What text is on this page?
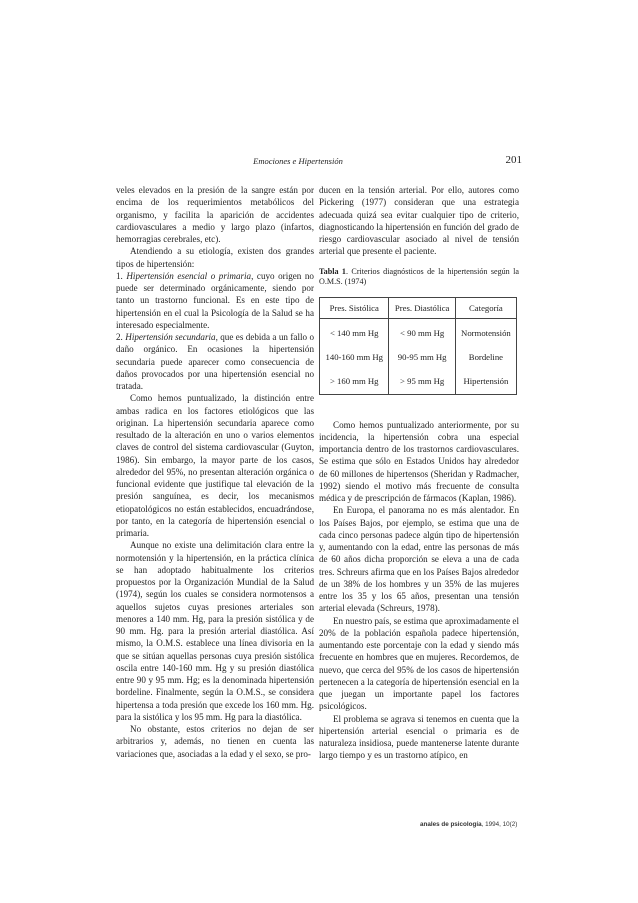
Emociones e Hipertensión	201

veles elevados en la presión de la sangre están por encima de los requerimientos metabólicos del organismo, y facilita la aparición de accidentes cardiovasculares a medio y largo plazo (infartos, hemorragias cerebrales, etc).

Atendiendo a su etiología, existen dos grandes tipos de hipertensión:

1. Hipertensión esencial o primaria, cuyo origen no puede ser determinado orgánicamente, siendo por tanto un trastorno funcional. Es en este tipo de hipertensión en el cual la Psicología de la Salud se ha interesado especialmente.

2. Hipertensión secundaria, que es debida a un fallo o daño orgánico. En ocasiones la hipertensión secundaria puede aparecer como consecuencia de daños provocados por una hipertensión esencial no tratada.

Como hemos puntualizado, la distinción entre ambas radica en los factores etiológicos que las originan. La hipertensión secundaria aparece como resultado de la alteración en uno o varios elementos claves de control del sistema cardiovascular (Guyton, 1986). Sin embargo, la mayor parte de los casos, alrededor del 95%, no presentan alteración orgánica o funcional evidente que justifique tal elevación de la presión sanguínea, es decir, los mecanismos etiopatológicos no están establecidos, encuadrándose, por tanto, en la categoría de hipertensión esencial o primaria.

Aunque no existe una delimitación clara entre la normotensión y la hipertensión, en la práctica clínica se han adoptado habitualmente los criterios propuestos por la Organización Mundial de la Salud (1974), según los cuales se considera normotensos a aquellos sujetos cuyas presiones arteriales son menores a 140 mm. Hg, para la presión sistólica y de 90 mm. Hg. para la presión arterial diastólica. Así mismo, la O.M.S. establece una línea divisoria en la que se sitúan aquellas personas cuya presión sistólica oscila entre 140-160 mm. Hg y su presión diastólica entre 90 y 95 mm. Hg; es la denominada hipertensión bordeline. Finalmente, según la O.M.S., se considera hipertensa a toda presión que excede los 160 mm. Hg. para la sistólica y los 95 mm. Hg para la diastólica.

No obstante, estos criterios no dejan de ser arbitrarios y, además, no tienen en cuenta las variaciones que, asociadas a la edad y el sexo, se pro-

ducen en la tensión arterial. Por ello, autores como Pickering (1977) consideran que una estrategia adecuada quizá sea evitar cualquier tipo de criterio, diagnosticando la hipertensión en función del grado de riesgo cardiovascular asociado al nivel de tensión arterial que presente el paciente.

Tabla 1. Criterios diagnósticos de la hipertensión según la O.M.S. (1974)

Pres. Sistólica	Pres. Diastólica	Categoría
< 140 mm Hg	< 90 mm Hg	Normotensión
140-160 mm Hg	90-95 mm Hg	Bordeline
> 160 mm Hg	> 95 mm Hg	Hipertensión

Como hemos puntualizado anteriormente, por su incidencia, la hipertensión cobra una especial importancia dentro de los trastornos cardiovasculares. Se estima que sólo en Estados Unidos hay alrededor de 60 millones de hipertensos (Sheridan y Radmacher, 1992) siendo el motivo más frecuente de consulta médica y de prescripción de fármacos (Kaplan, 1986).

En Europa, el panorama no es más alentador. En los Países Bajos, por ejemplo, se estima que una de cada cinco personas padece algún tipo de hipertensión y, aumentando con la edad, entre las personas de más de 60 años dicha proporción se eleva a una de cada tres. Schreurs afirma que en los Países Bajos alrededor de un 38% de los hombres y un 35% de las mujeres entre los 35 y los 65 años, presentan una tensión arterial elevada (Schreurs, 1978).

En nuestro país, se estima que aproximadamente el 20% de la población española padece hipertensión, aumentando este porcentaje con la edad y siendo más frecuente en hombres que en mujeres. Recordemos, de nuevo, que cerca del 95% de los casos de hipertensión pertenecen a la categoría de hipertensión esencial en la que juegan un importante papel los factores psicológicos.

El problema se agrava si tenemos en cuenta que la hipertensión arterial esencial o primaria es de naturaleza insidiosa, puede mantenerse latente durante largo tiempo y es un trastorno atípico, en

anales de psicología, 1994, 10(2)
